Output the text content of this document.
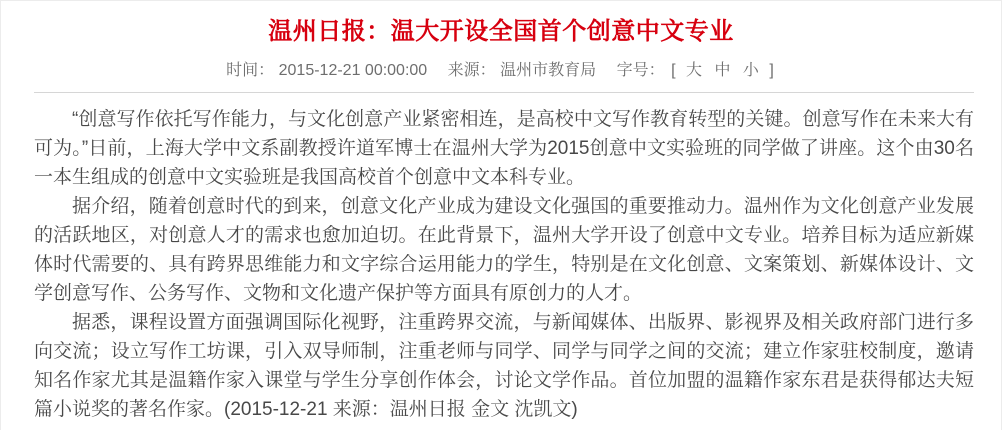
温州日报：温大开设全国首个创意中文专业
时间： 2015-12-21 00:00:00 来源： 温州市教育局 字号： [ 大 中 小 ]

“创意写作依托写作能力，与文化创意产业紧密相连，是高校中文写作教育转型的关键。创意写作在未来大有可为。”日前，上海大学中文系副教授许道军博士在温州大学为2015创意中文实验班的同学做了讲座。这个由30名一本生组成的创意中文实验班是我国高校首个创意中文本科专业。

据介绍，随着创意时代的到来，创意文化产业成为建设文化强国的重要推动力。温州作为文化创意产业发展的活跃地区，对创意人才的需求也愈加迫切。在此背景下，温州大学开设了创意中文专业。培养目标为适应新媒体时代需要的、具有跨界思维能力和文字综合运用能力的学生，特别是在文化创意、文案策划、新媒体设计、文学创意写作、公务写作、文物和文化遗产保护等方面具有原创力的人才。

据悉，课程设置方面强调国际化视野，注重跨界交流，与新闻媒体、出版界、影视界及相关政府部门进行多向交流；设立写作工坊课，引入双导师制，注重老师与同学、同学与同学之间的交流；建立作家驻校制度，邀请知名作家尤其是温籍作家入课堂与学生分享创作体会，讨论文学作品。首位加盟的温籍作家东君是获得郁达夫短篇小说奖的著名作家。(2015-12-21 来源：温州日报 金文 沈凯文)
